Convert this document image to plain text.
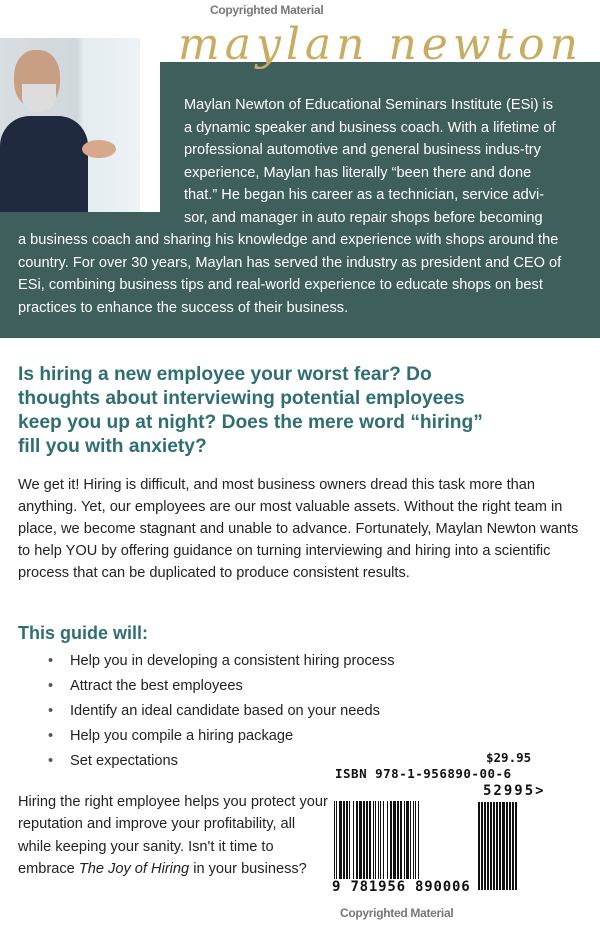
Copyrighted Material
maylan newton

Maylan Newton of Educational Seminars Institute (ESi) is a dynamic speaker and business coach. With a lifetime of professional automotive and general business indus-try experience, Maylan has literally “been there and done that.” He began his career as a technician, service advi-sor, and manager in auto repair shops before becoming

a business coach and sharing his knowledge and experience with shops around the country. For over 30 years, Maylan has served the industry as president and CEO of ESi, combining business tips and real-world experience to educate shops on best practices to enhance the success of their business.

Is hiring a new employee your worst fear? Do thoughts about interviewing potential employees keep you up at night? Does the mere word “hiring” fill you with anxiety?

We get it! Hiring is difficult, and most business owners dread this task more than anything. Yet, our employees are our most valuable assets. Without the right team in place, we become stagnant and unable to advance. Fortunately, Maylan Newton wants to help YOU by offering guidance on turning interviewing and hiring into a scientific process that can be duplicated to produce consistent results.

This guide will:
• Help you in developing a consistent hiring process
• Attract the best employees
• Identify an ideal candidate based on your needs
• Help you compile a hiring package
• Set expectations

Hiring the right employee helps you protect your reputation and improve your profitability, all while keeping your sanity. Isn't it time to embrace The Joy of Hiring in your business?

$29.95
ISBN 978-1-956890-00-6
52995>
9 781956 890006
Copyrighted Material
